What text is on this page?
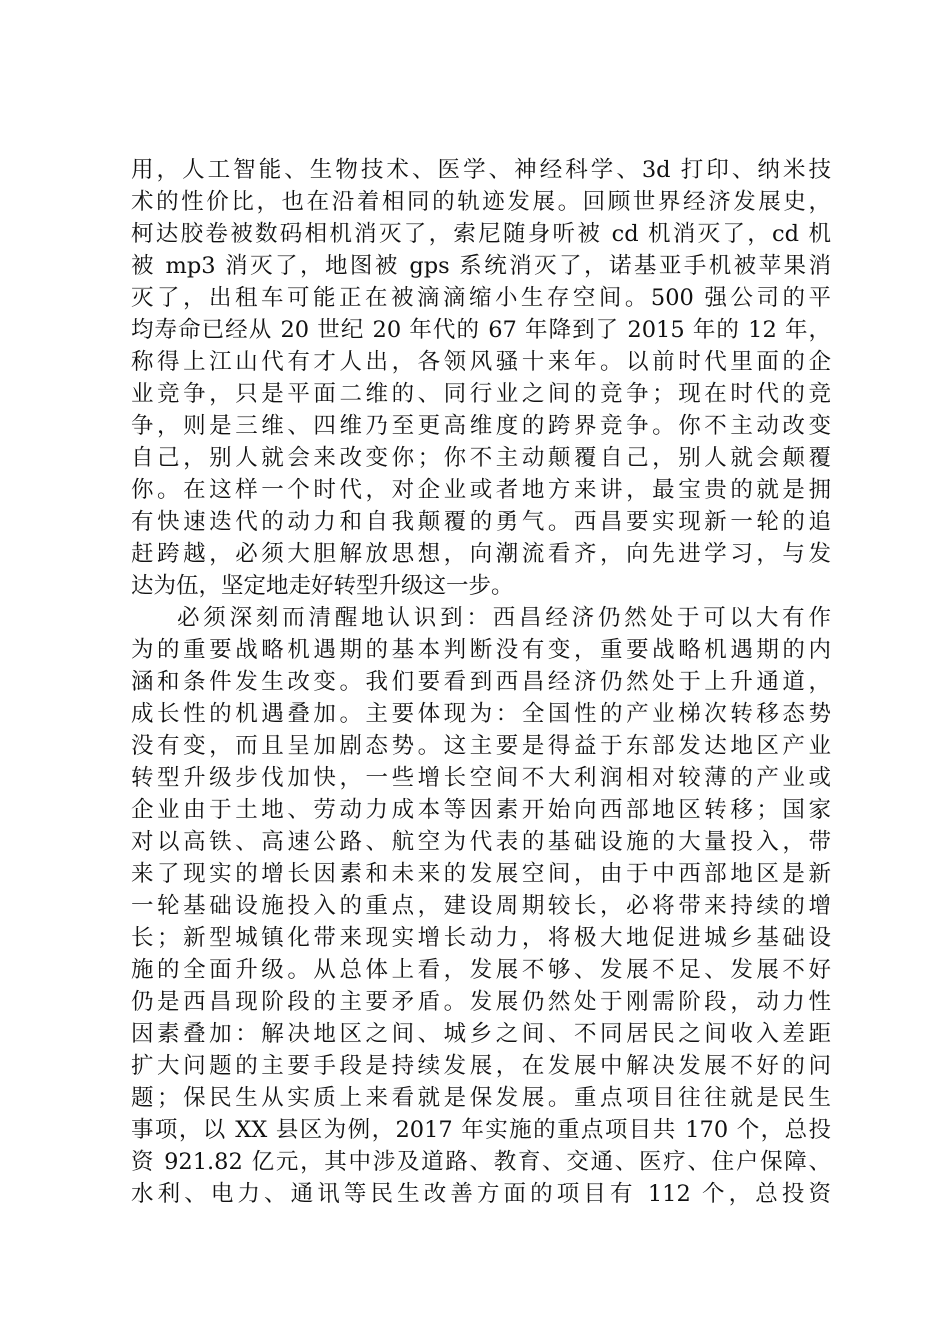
用，人工智能、生物技术、医学、神经科学、3d 打印、纳米技
术的性价比，也在沿着相同的轨迹发展。回顾世界经济发展史，
柯达胶卷被数码相机消灭了，索尼随身听被 cd 机消灭了，cd 机
被 mp3 消灭了，地图被 gps 系统消灭了，诺基亚手机被苹果消
灭了，出租车可能正在被滴滴缩小生存空间。500 强公司的平
均寿命已经从 20 世纪 20 年代的 67 年降到了 2015 年的 12 年，
称得上江山代有才人出，各领风骚十来年。以前时代里面的企
业竞争，只是平面二维的、同行业之间的竞争；现在时代的竞
争，则是三维、四维乃至更高维度的跨界竞争。你不主动改变
自己，别人就会来改变你；你不主动颠覆自己，别人就会颠覆
你。在这样一个时代，对企业或者地方来讲，最宝贵的就是拥
有快速迭代的动力和自我颠覆的勇气。西昌要实现新一轮的追
赶跨越，必须大胆解放思想，向潮流看齐，向先进学习，与发
达为伍，坚定地走好转型升级这一步。
必须深刻而清醒地认识到：西昌经济仍然处于可以大有作
为的重要战略机遇期的基本判断没有变，重要战略机遇期的内
涵和条件发生改变。我们要看到西昌经济仍然处于上升通道，
成长性的机遇叠加。主要体现为：全国性的产业梯次转移态势
没有变，而且呈加剧态势。这主要是得益于东部发达地区产业
转型升级步伐加快，一些增长空间不大利润相对较薄的产业或
企业由于土地、劳动力成本等因素开始向西部地区转移；国家
对以高铁、高速公路、航空为代表的基础设施的大量投入，带
来了现实的增长因素和未来的发展空间，由于中西部地区是新
一轮基础设施投入的重点，建设周期较长，必将带来持续的增
长；新型城镇化带来现实增长动力，将极大地促进城乡基础设
施的全面升级。从总体上看，发展不够、发展不足、发展不好
仍是西昌现阶段的主要矛盾。发展仍然处于刚需阶段，动力性
因素叠加：解决地区之间、城乡之间、不同居民之间收入差距
扩大问题的主要手段是持续发展，在发展中解决发展不好的问
题；保民生从实质上来看就是保发展。重点项目往往就是民生
事项，以 XX 县区为例，2017 年实施的重点项目共 170 个，总投
资 921.82 亿元，其中涉及道路、教育、交通、医疗、住户保障、
水利、电力、通讯等民生改善方面的项目有 112 个，总投资
